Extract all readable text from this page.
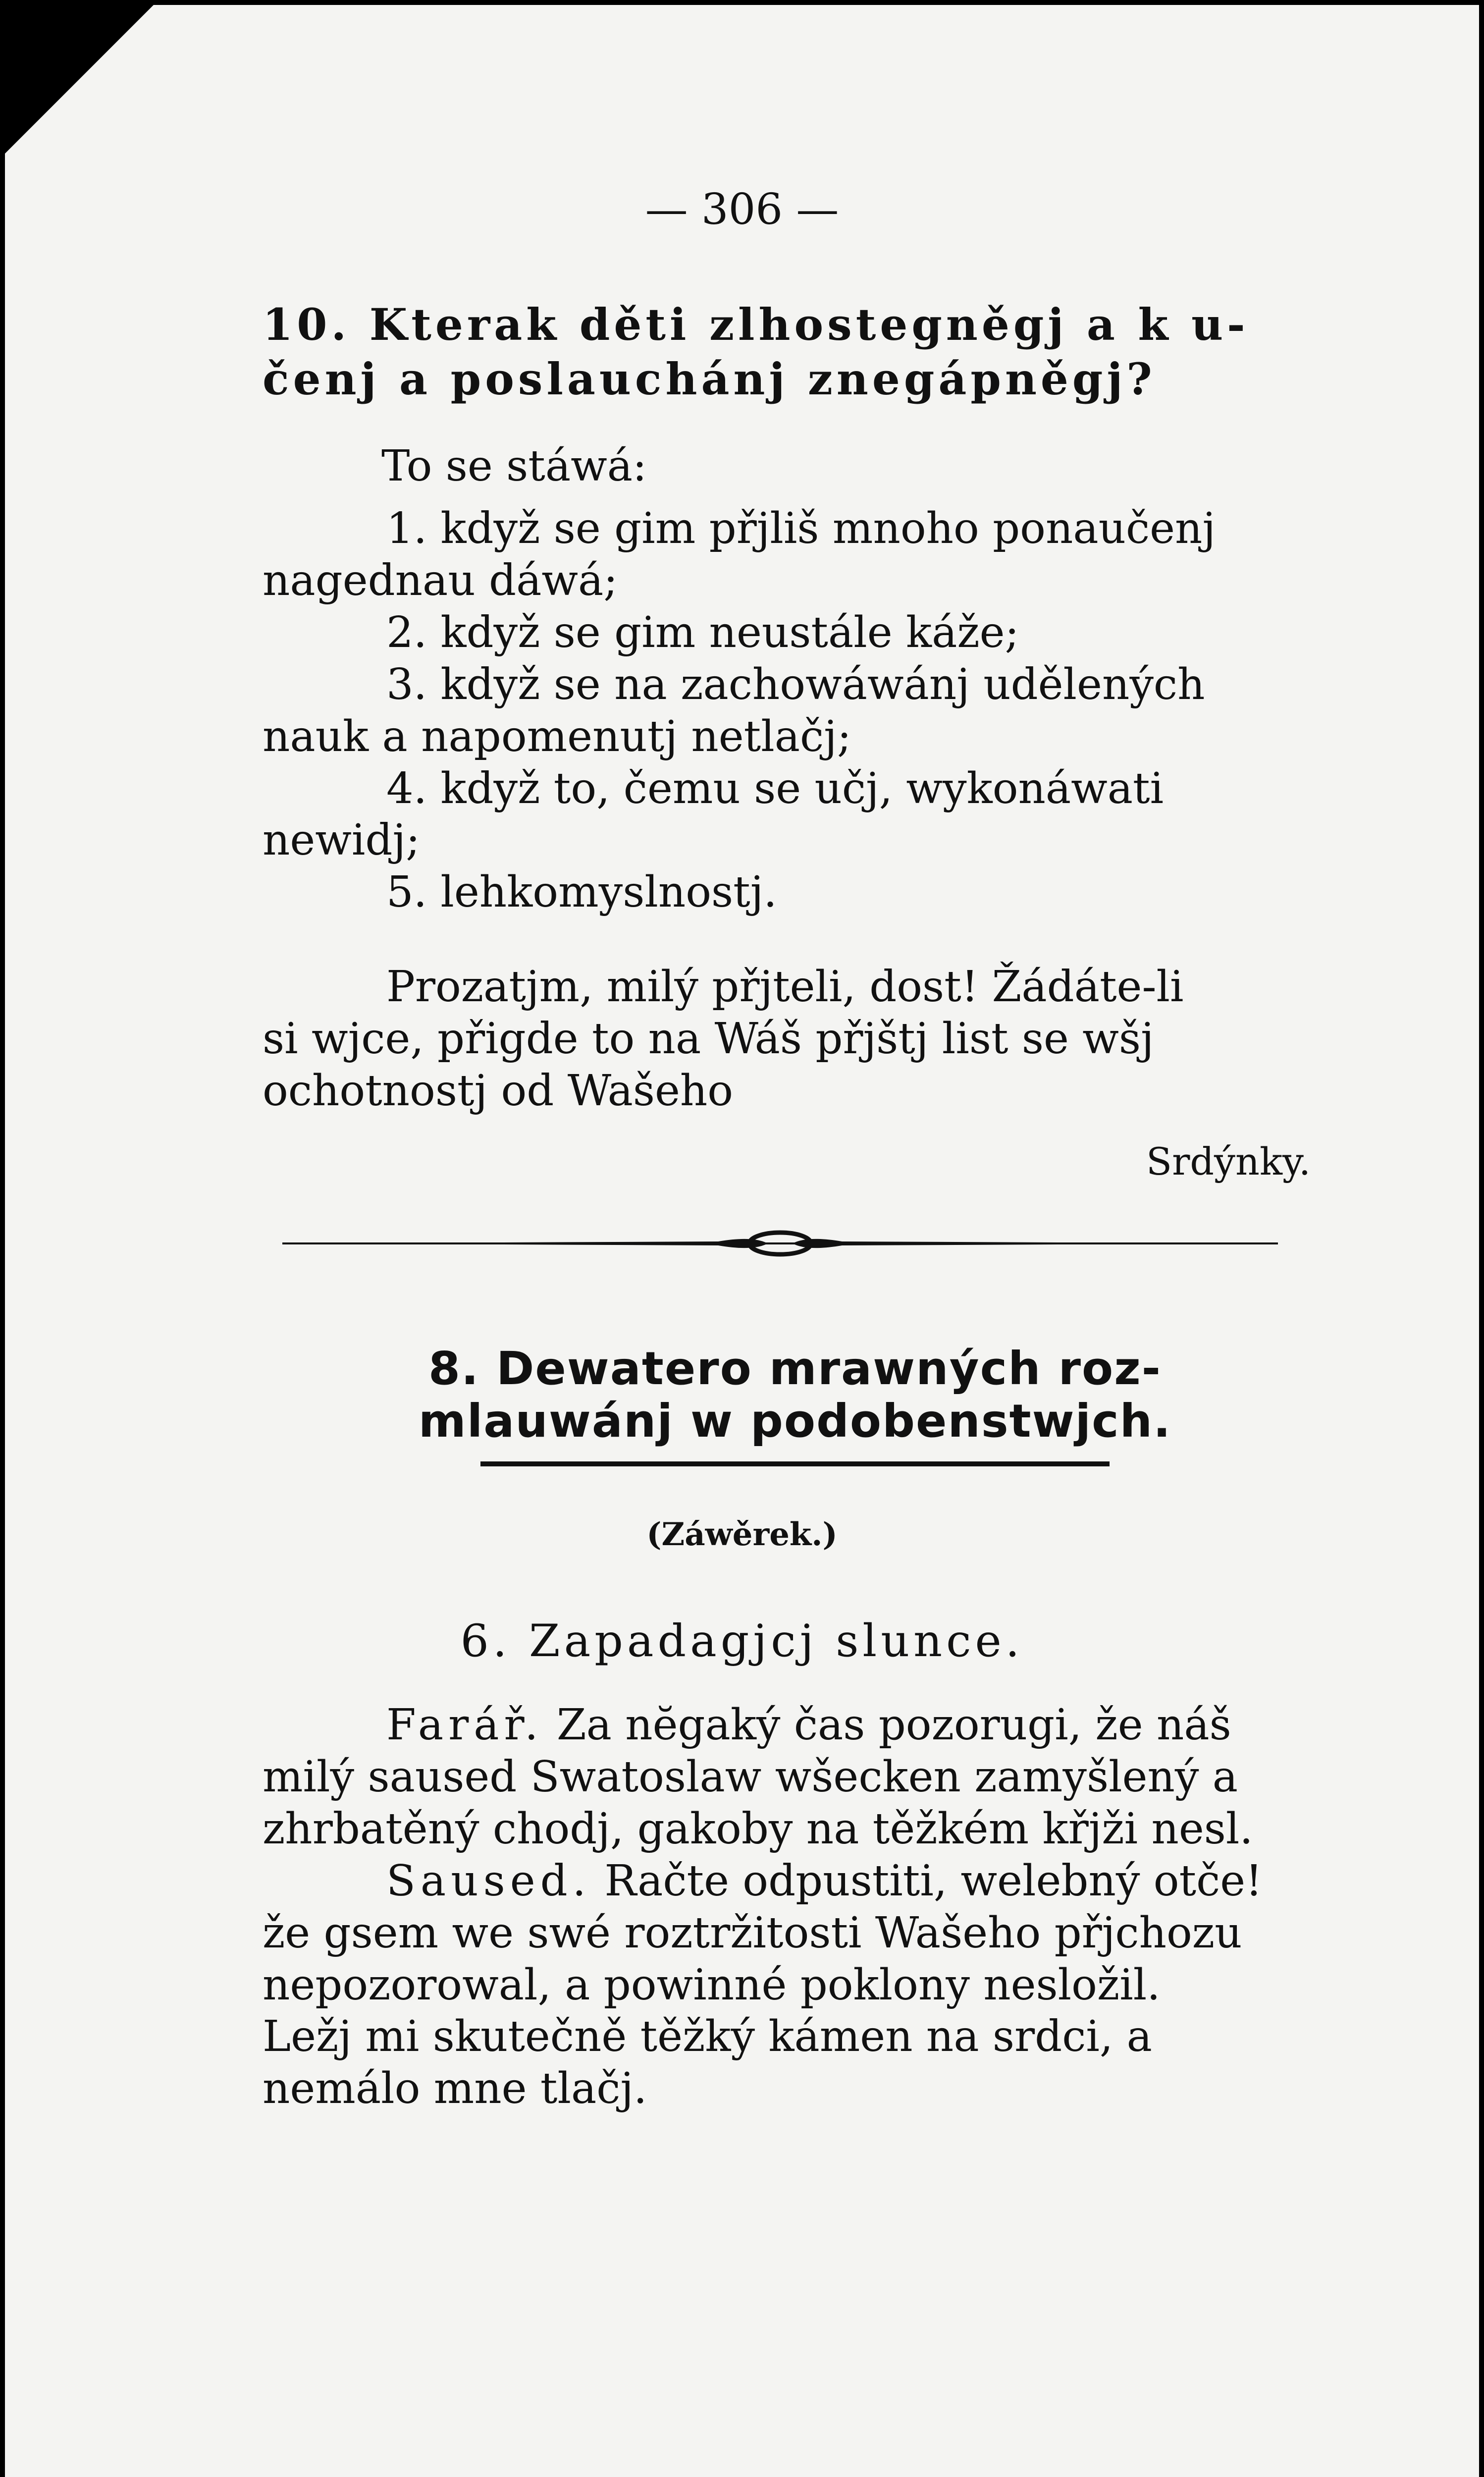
— 306 —
10. Kterak děti zlhostegněgj a k u-
čenj a poslauchánj znegápněgj?
To se stáwá:

1. když se gim přjliš mnoho ponaučenj

nagednau dáwá;

2. když se gim neustále káže;

3. když se na zachowáwánj udělených

nauk a napomenutj netlačj;

4. když to, čemu se učj, wykonáwati

newidj;

5. lehkomyslnostj.

Prozatjm, milý přjteli, dost! Žádáte-li

si wjce, přigde to na Wáš přjštj list se wšj

ochotnostj od Wašeho

Srdýnky.
8. Dewatero mrawných roz-
mlauwánj w podobenstwjch.
(Záwěrek.)
6. Zapadagjcj slunce.

Farář. Za nĕgaký čas pozorugi, že náš

milý saused Swatoslaw wšecken zamyšlený a

zhrbatěný chodj, gakoby na těžkém křjži nesl.

Saused. Račte odpustiti, welebný otče!

že gsem we swé roztržitosti Wašeho přjchozu

nepozorowal, a powinné poklony nesložil.

Ležj mi skutečně těžký kámen na srdci, a

nemálo mne tlačj.
